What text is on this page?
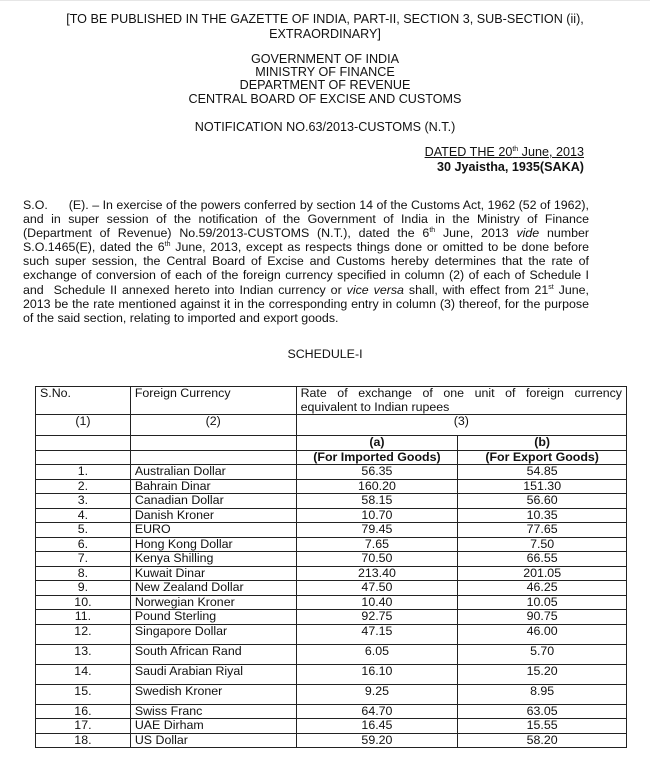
[TO BE PUBLISHED IN THE GAZETTE OF INDIA, PART-II, SECTION 3, SUB-SECTION (ii),
EXTRAORDINARY]
GOVERNMENT OF INDIA
MINISTRY OF FINANCE
DEPARTMENT OF REVENUE
CENTRAL BOARD OF EXCISE AND CUSTOMS
NOTIFICATION NO.63/2013-CUSTOMS (N.T.)
DATED THE 20th June, 2013
30 Jyaistha, 1935(SAKA)
S.O.      (E). – In exercise of the powers conferred by section 14 of the Customs Act, 1962 (52 of 1962), and in super session of the notification of the Government of India in the Ministry of Finance (Department of Revenue) No.59/2013-CUSTOMS (N.T.), dated the 6th June, 2013 vide number S.O.1465(E), dated the 6th June, 2013, except as respects things done or omitted to be done before such super session, the Central Board of Excise and Customs hereby determines that the rate of exchange of conversion of each of the foreign currency specified in column (2) of each of Schedule I and  Schedule II annexed hereto into Indian currency or vice versa shall, with effect from 21st June, 2013 be the rate mentioned against it in the corresponding entry in column (3) thereof, for the purpose of the said section, relating to imported and export goods.
SCHEDULE-I
S.No.	Foreign Currency	Rate of exchange of one unit of foreign currency equivalent to Indian rupees	
(1)	(2)	(3)	
		(a)	(b)
		(For Imported Goods)	(For Export Goods)
1.	Australian Dollar	56.35	54.85
2.	Bahrain Dinar	160.20	151.30
3.	Canadian Dollar	58.15	56.60
4.	Danish Kroner	10.70	10.35
5.	EURO	79.45	77.65
6.	Hong Kong Dollar	7.65	7.50
7.	Kenya Shilling	70.50	66.55
8.	Kuwait Dinar	213.40	201.05
9.	New Zealand Dollar	47.50	46.25
10.	Norwegian Kroner	10.40	10.05
11.	Pound Sterling	92.75	90.75
12.	Singapore Dollar	47.15	46.00
13.	South African Rand	6.05	5.70
14.	Saudi Arabian Riyal	16.10	15.20
15.	Swedish Kroner	9.25	8.95
16.	Swiss Franc	64.70	63.05
17.	UAE Dirham	16.45	15.55
18.	US Dollar	59.20	58.20
